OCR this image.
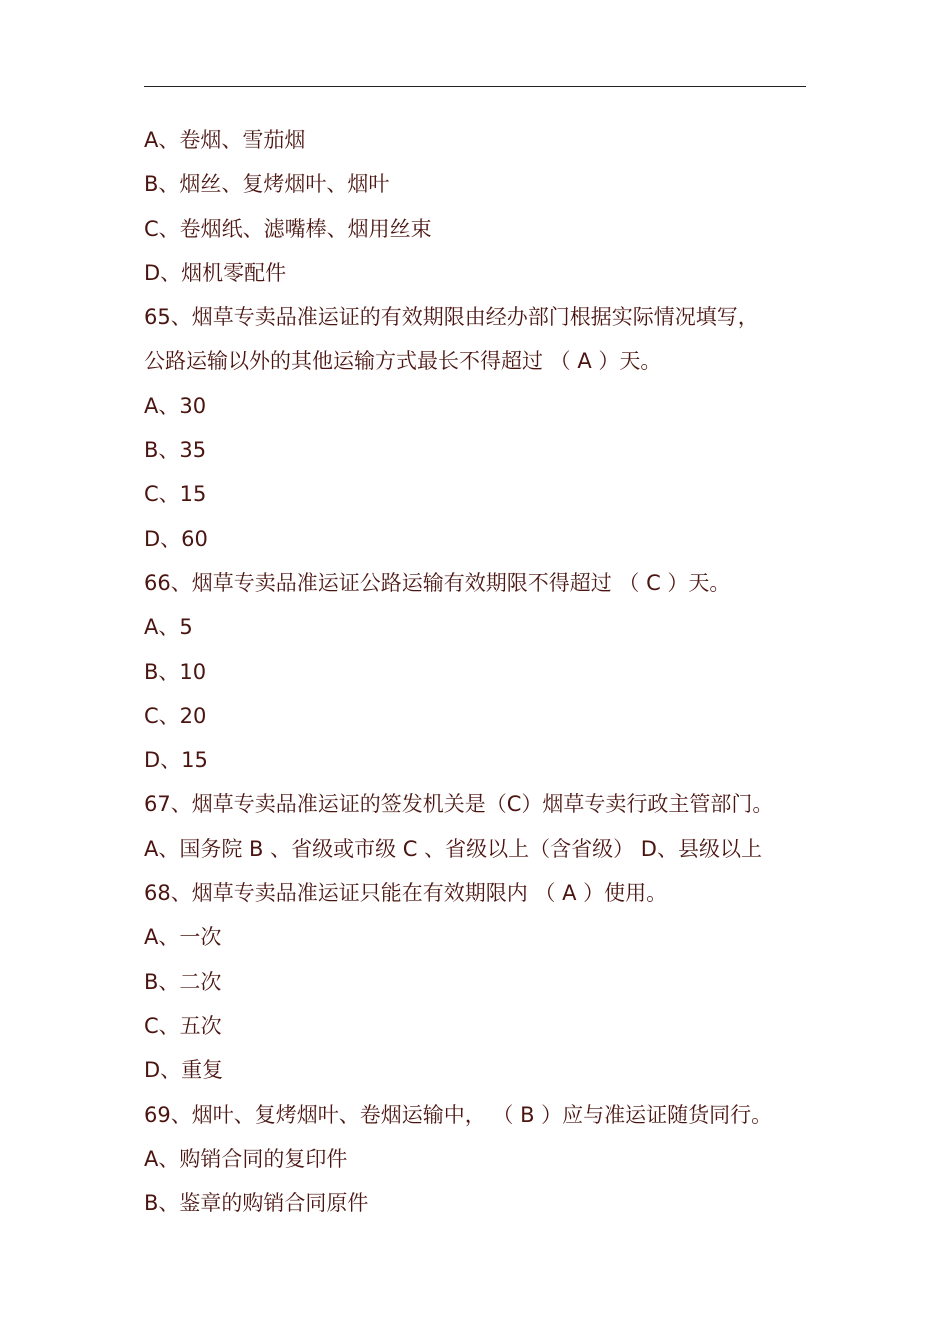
A、卷烟、雪茄烟
B、烟丝、复烤烟叶、烟叶
C、卷烟纸、滤嘴棒、烟用丝束
D、烟机零配件
65、烟草专卖品准运证的有效期限由经办部门根据实际情况填写，
公路运输以外的其他运输方式最长不得超过 （ A ）天。
A、30
B、35
C、15
D、60
66、烟草专卖品准运证公路运输有效期限不得超过 （ C ）天。
A、5
B、10
C、20
D、15
67、烟草专卖品准运证的签发机关是（C）烟草专卖行政主管部门。
A、国务院 B 、省级或市级 C 、省级以上（含省级） D、县级以上
68、烟草专卖品准运证只能在有效期限内 （ A ）使用。
A、一次
B、二次
C、五次
D、重复
69、烟叶、复烤烟叶、卷烟运输中， （ B ）应与准运证随货同行。
A、购销合同的复印件
B、鉴章的购销合同原件
